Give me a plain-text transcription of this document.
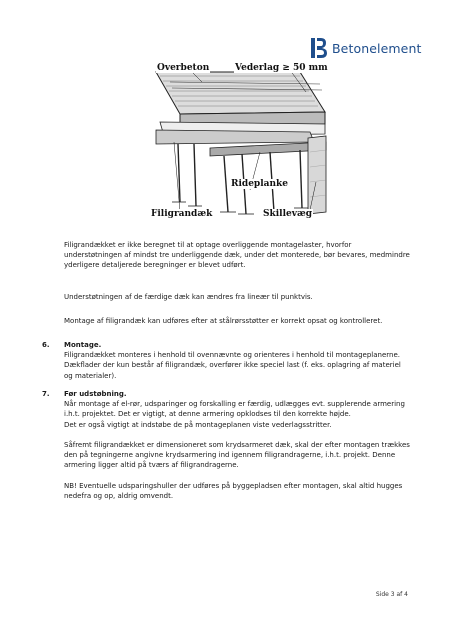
Betonelement
Overbeton	Vederlag ≥ 50 mm
Rideplanke
Filigrandæk	Skillevæg

Filigrandækket er ikke beregnet til at optage overliggende montagelaster, hvorfor

understøtningen af mindst tre underliggende dæk, under det monterede, bør bevares, medmindre

yderligere detaljerede beregninger er blevet udført.

Understøtningen af de færdige dæk kan ændres fra lineær til punktvis.

Montage af filigrandæk kan udføres efter at stålrørsstøtter er korrekt opsat og kontrolleret.

6. Montage.

Filigrandækket monteres i henhold til ovennævnte og orienteres i henhold til montageplanerne.

Dækflader der kun består af filigrandæk, overfører ikke speciel last (f. eks. oplagring af materiel

og materialer).

7. Før udstøbning.

Når montage af el-rør, udsparinger og forskalling er færdig, udlægges evt. supplerende armering

i.h.t. projektet. Det er vigtigt, at denne armering opklodses til den korrekte højde.

Det er også vigtigt at indstøbe de på montageplanen viste vederlagsstritter.

Såfremt filigrandækket er dimensioneret som krydsarmeret dæk, skal der efter montagen trækkes

den på tegningerne angivne krydsarmering ind igennem filigrandragerne, i.h.t. projekt. Denne

armering ligger altid på tværs af filigrandragerne.

NB! Eventuelle udsparingshuller der udføres på byggepladsen efter montagen, skal altid hugges

nedefra og op, aldrig omvendt.

Side 3 af 4
